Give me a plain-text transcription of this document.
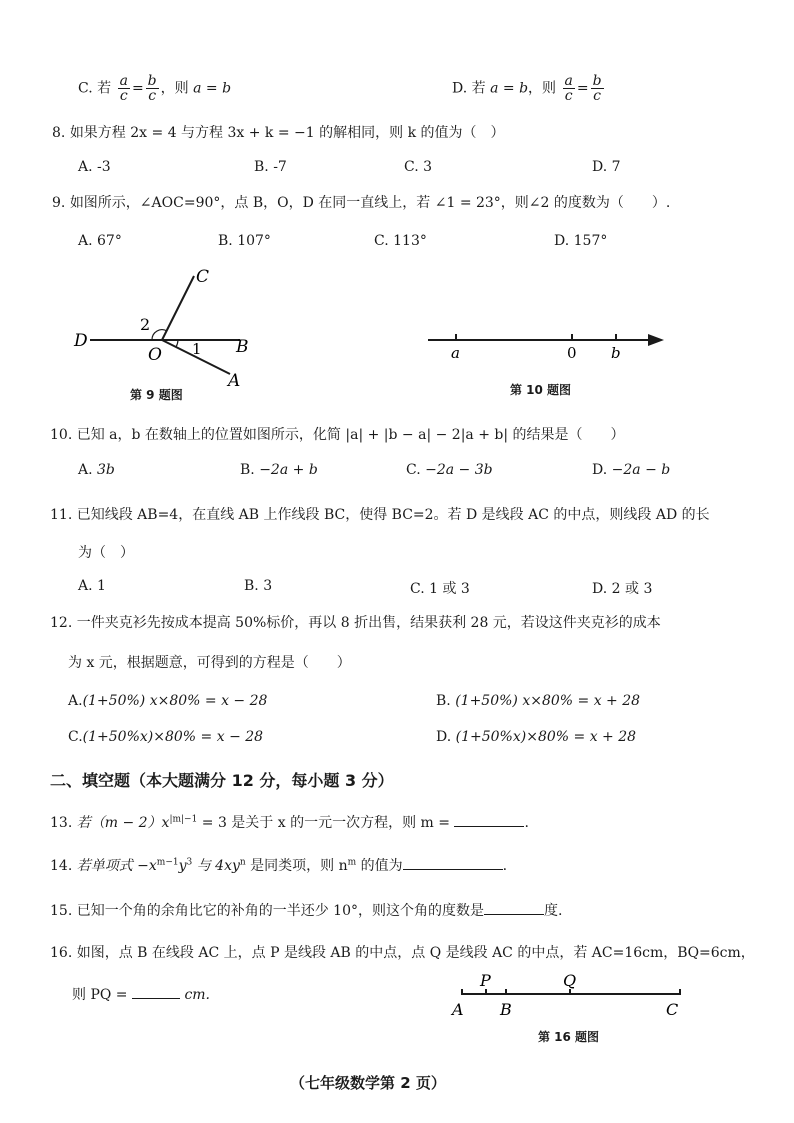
C. 若 $\frac{a}{c} = \frac{b}{c}$ ，则 a = b	D. 若 a = b，则 $\frac{a}{c} = \frac{b}{c}$
8. 如果方程 2x = 4 与方程 3x + k = −1 的解相同，则 k 的值为（　）
A. -3	B. -7	C. 3	D. 7
9. 如图所示，∠AOC=90°，点 B，O，D 在同一直线上，若 ∠1 = 23°，则∠2 的度数为（　　）.
A. 67°	B. 107°	C. 113°	D. 157°
C
D
O	B
A
2
1
第 9 题图
a	0 b
第 10 题图
10. 已知 a，b 在数轴上的位置如图所示，化简 |a| + |b − a| − 2|a + b| 的结果是（　　）
A. 3b	B. −2a + b	C. −2a − 3b	D. −2a − b
11. 已知线段 AB=4，在直线 AB 上作线段 BC，使得 BC=2。若 D 是线段 AC 的中点，则线段 AD 的长
为（　）
A. 1	B. 3	C. 1 或 3	D. 2 或 3
12. 一件夹克衫先按成本提高 50%标价，再以 8 折出售，结果获利 28 元，若设这件夹克衫的成本
为 x 元，根据题意，可得到的方程是（　　）
A.(1+50%) x×80% = x − 28	B. (1+50%) x×80% = x + 28
C.(1+50%x)×80% = x − 28	D. (1+50%x)×80% = x + 28
二、填空题（本大题满分 12 分，每小题 3 分）
13. 若$(m - 2)x^{|m|-1} = 3$ 是关于 x 的一元一次方程，则 m =	.
14. 若单项式 $-x^{m-1}y^3$ 与 $4xy^n$ 是同类项，则 $n^m$ 的值为	.
15. 已知一个角的余角比它的补角的一半还少 10°，则这个角的度数是	度.
16. 如图，点 B 在线段 AC 上，点 P 是线段 AB 的中点，点 Q 是线段 AC 的中点，若 AC=16cm，BQ=6cm，
则 PQ =	cm.
A
P
B
Q
C
第 16 题图
（七年级数学第 2 页）
